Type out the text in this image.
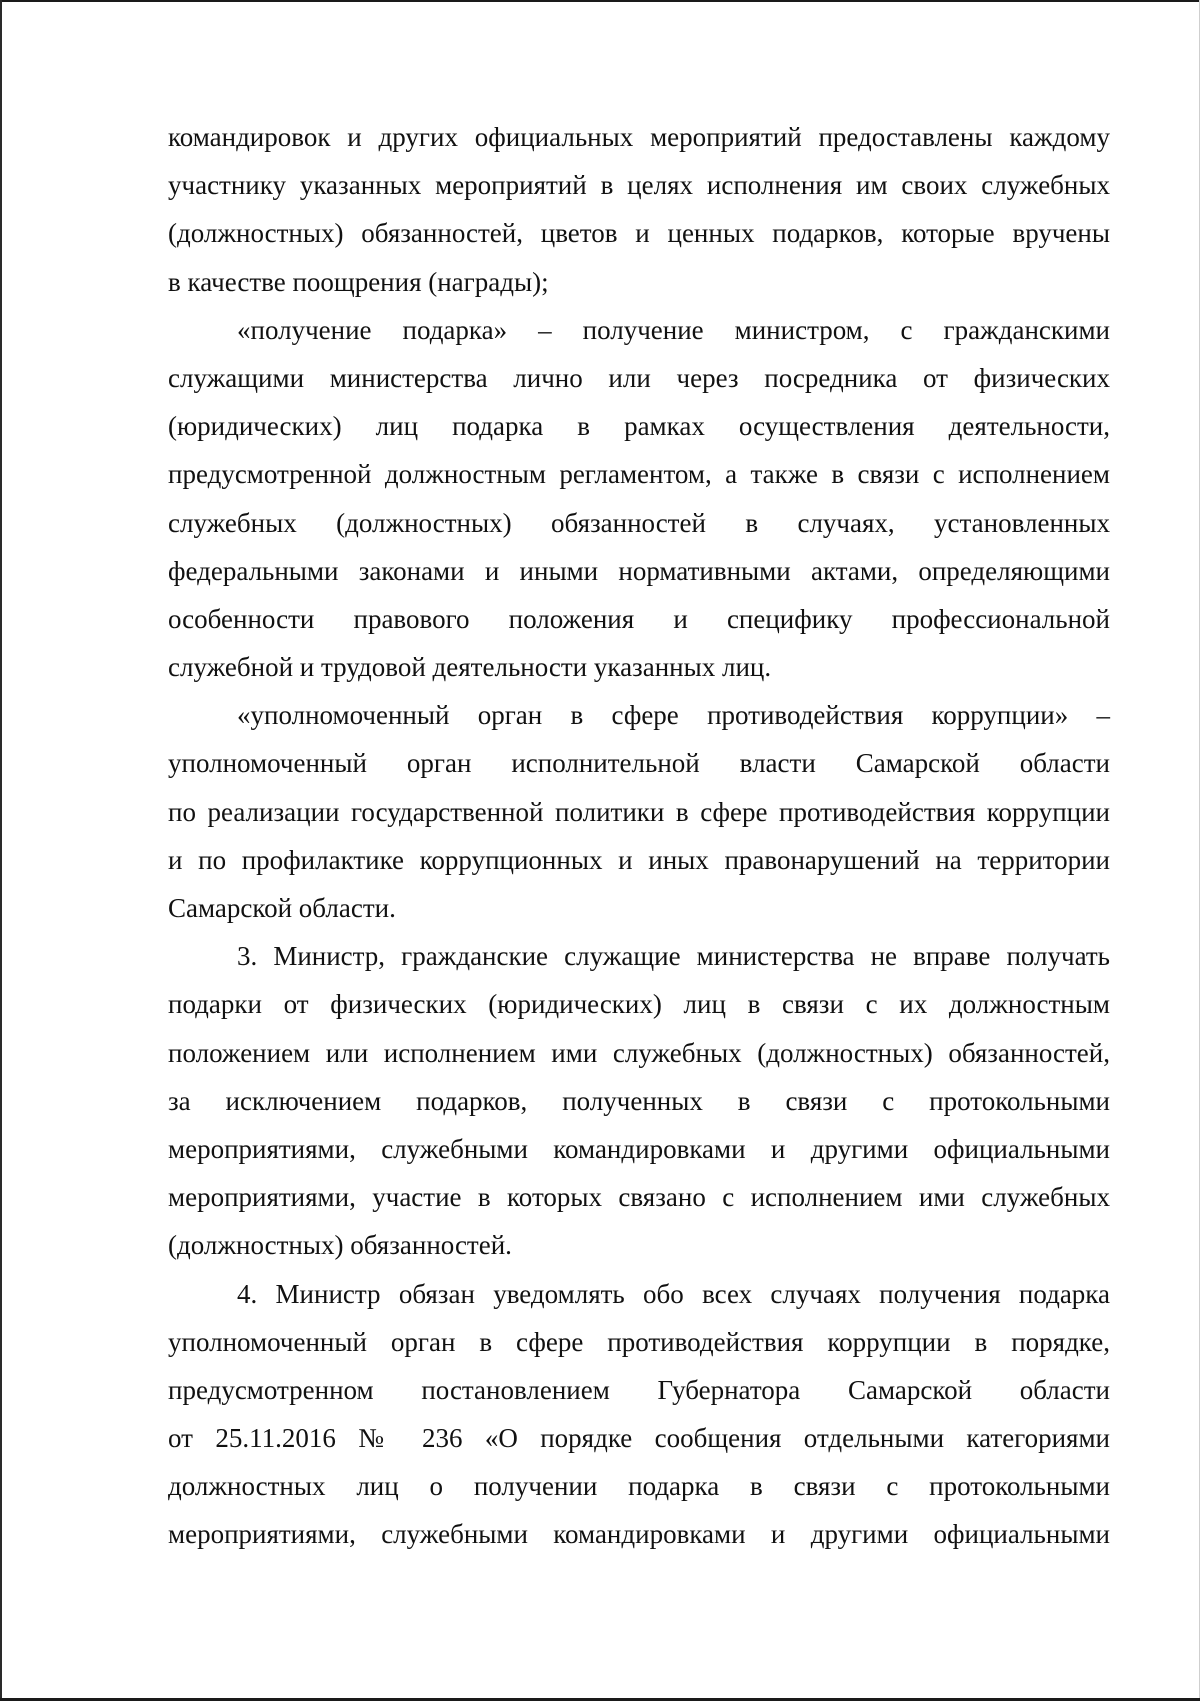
командировок и других официальных мероприятий предоставлены каждому
участнику указанных мероприятий в целях исполнения им своих служебных
(должностных) обязанностей, цветов и ценных подарков, которые вручены
в качестве поощрения (награды);
«получение подарка» – получение министром, с гражданскими
служащими министерства лично или через посредника от физических
(юридических) лиц подарка в рамках осуществления деятельности,
предусмотренной должностным регламентом, а также в связи с исполнением
служебных (должностных) обязанностей в случаях, установленных
федеральными законами и иными нормативными актами, определяющими
особенности правового положения и специфику профессиональной
служебной и трудовой деятельности указанных лиц.
«уполномоченный орган в сфере противодействия коррупции» –
уполномоченный орган исполнительной власти Самарской области
по реализации государственной политики в сфере противодействия коррупции
и по профилактике коррупционных и иных правонарушений на территории
Самарской области.
3. Министр, гражданские служащие министерства не вправе получать
подарки от физических (юридических) лиц в связи с их должностным
положением или исполнением ими служебных (должностных) обязанностей,
за исключением подарков, полученных в связи с протокольными
мероприятиями, служебными командировками и другими официальными
мероприятиями, участие в которых связано с исполнением ими служебных
(должностных) обязанностей.
4. Министр обязан уведомлять обо всех случаях получения подарка
уполномоченный орган в сфере противодействия коррупции в порядке,
предусмотренном постановлением Губернатора Самарской области
от 25.11.2016 № 236 «О порядке сообщения отдельными категориями
должностных лиц о получении подарка в связи с протокольными
мероприятиями, служебными командировками и другими официальными
